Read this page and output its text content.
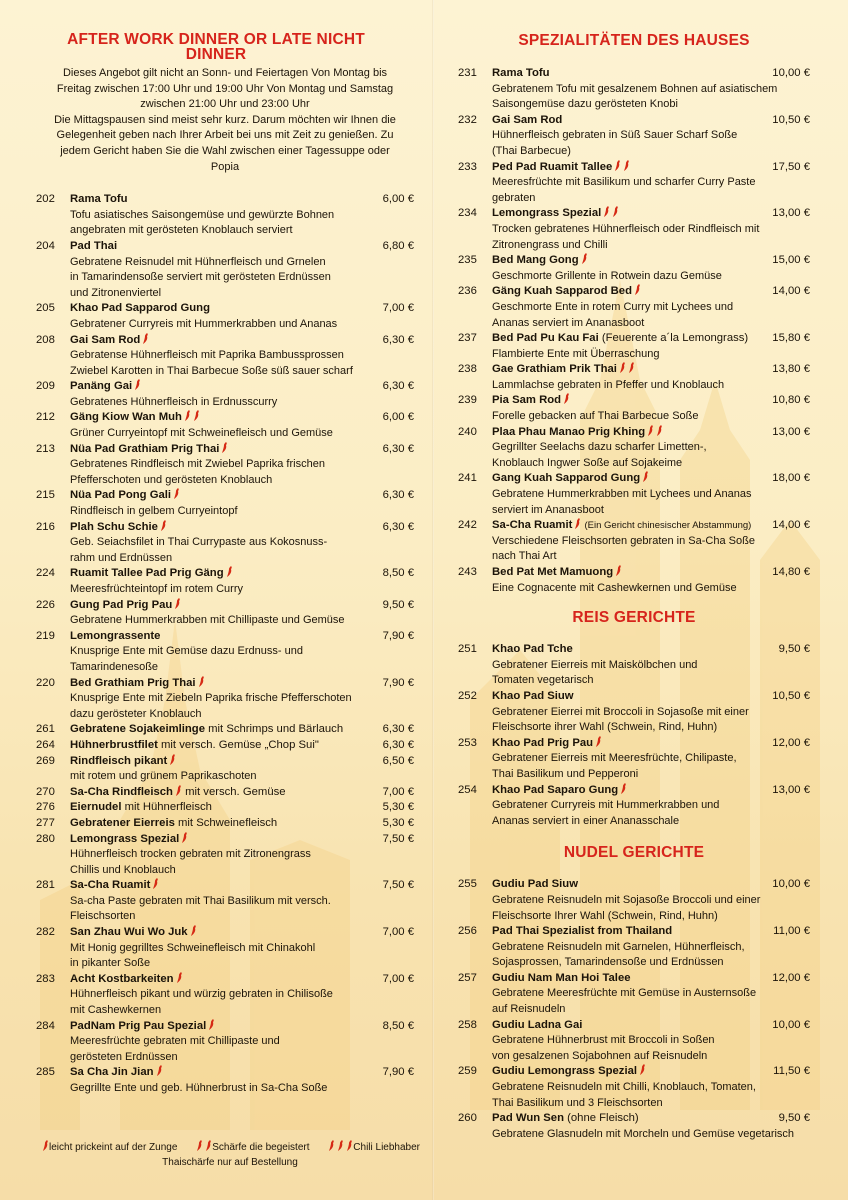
AFTER WORK DINNER OR LATE NICHT DINNER
Dieses Angebot gilt nicht an Sonn- und Feiertagen Von Montag bis
Freitag zwischen 17:00 Uhr und 19:00 Uhr Von Montag und Samstag
zwischen 21:00 Uhr und 23:00 Uhr
Die Mittagspausen sind meist sehr kurz. Darum möchten wir Ihnen die
Gelegenheit geben nach Ihrer Arbeit bei uns mit Zeit zu genießen. Zu
jedem Gericht haben Sie die Wahl zwischen einer Tagessuppe oder
Popia
202	Rama Tofu	6,00 €
Tofu asiatisches Saisongemüse und gewürzte Bohnen
angebraten mit gerösteten Knoblauch serviert
204	Pad Thai	6,80 €
Gebratene Reisnudel mit Hühnerfleisch und Grnelen
in Tamarindensoße serviert mit gerösteten Erdnüssen
und Zitronenviertel
205	Khao Pad Sapparod Gung	7,00 €
Gebratener Curryreis mit Hummerkrabben und Ananas
208	Gai Sam Rod	6,30 €
Gebratense Hühnerfleisch mit Paprika Bambussprossen
Zwiebel Karotten in Thai Barbecue Soße süß sauer scharf
209	Panäng Gai	6,30 €
Gebratenes Hühnerfleisch in Erdnusscurry
212	Gäng Kiow Wan Muh	6,00 €
Grüner Curryeintopf mit Schweinefleisch und Gemüse
213	Nüa Pad Grathiam Prig Thai	6,30 €
Gebratenes Rindfleisch mit Zwiebel Paprika frischen
Pfefferschoten und gerösteten Knoblauch
215	Nüa Pad Pong Gali	6,30 €
Rindfleisch in gelbem Curryeintopf
216	Plah Schu Schie	6,30 €
Geb. Seiachsfilet in Thai Currypaste aus Kokosnuss-
rahm und Erdnüssen
224	Ruamit Tallee Pad Prig Gäng	8,50 €
Meeresfrüchteintopf im rotem Curry
226	Gung Pad Prig Pau	9,50 €
Gebratene Hummerkrabben mit Chillipaste und Gemüse
219	Lemongrassente	7,90 €
Knusprige Ente mit Gemüse dazu Erdnuss- und
Tamarindenesoße
220	Bed Grathiam Prig Thai	7,90 €
Knusprige Ente mit Ziebeln Paprika frische Pfefferschoten
dazu gerösteter Knoblauch
261	Gebratene Sojakeimlinge mit Schrimps und Bärlauch	6,30 €
264	Hühnerbrustfilet mit versch. Gemüse „Chop Sui"	6,30 €
269	Rindfleisch pikant	6,50 €
mit rotem und grünem Paprikaschoten
270	Sa-Cha Rindfleisch mit versch. Gemüse	7,00 €
276	Eiernudel mit Hühnerfleisch	5,30 €
277	Gebratener Eierreis mit Schweinefleisch	5,30 €
280	Lemongrass Spezial	7,50 €
Hühnerfleisch trocken gebraten mit Zitronengrass
Chillis und Knoblauch
281	Sa-Cha Ruamit	7,50 €
Sa-cha Paste gebraten mit Thai Basilikum mit versch.
Fleischsorten
282	San Zhau Wui Wo Juk	7,00 €
Mit Honig gegrilltes Schweinefleisch mit Chinakohl
in pikanter Soße
283	Acht Kostbarkeiten	7,00 €
Hühnerfleisch pikant und würzig gebraten in Chilisoße
mit Cashewkernen
284	PadNam Prig Pau Spezial	8,50 €
Meeresfrüchte gebraten mit Chillipaste und
gerösteten Erdnüssen
285	Sa Cha Jin Jian	7,90 €
Gegrillte Ente und geb. Hühnerbrust in Sa-Cha Soße
SPEZIALITÄTEN DES HAUSES
231	Rama Tofu	10,00 €
Gebratenem Tofu mit gesalzenem Bohnen auf asiatischem
Saisongemüse dazu gerösteten Knobi
232	Gai Sam Rod	10,50 €
Hühnerfleisch gebraten in Süß Sauer Scharf Soße
(Thai Barbecue)
233	Ped Pad Ruamit Tallee	17,50 €
Meeresfrüchte mit Basilikum und scharfer Curry Paste
gebraten
234	Lemongrass Spezial	13,00 €
Trocken gebratenes Hühnerfleisch oder Rindfleisch mit
Zitronengrass und Chilli
235	Bed Mang Gong	15,00 €
Geschmorte Grillente in Rotwein dazu Gemüse
236	Gäng Kuah Sapparod Bed	14,00 €
Geschmorte Ente in rotem Curry mit Lychees und
Ananas serviert im Ananasboot
237	Bed Pad Pu Kau Fai (Feuerente a´la Lemongrass)	15,80 €
Flambierte Ente mit Überraschung
238	Gae Grathiam Prik Thai	13,80 €
Lammlachse gebraten in Pfeffer und Knoblauch
239	Pia Sam Rod	10,80 €
Forelle gebacken auf Thai Barbecue Soße
240	Plaa Phau Manao Prig Khing	13,00 €
Gegrillter Seelachs dazu scharfer Limetten-,
Knoblauch Ingwer Soße auf Sojakeime
241	Gang Kuah Sapparod Gung	18,00 €
Gebratene Hummerkrabben mit Lychees und Ananas
serviert im Ananasboot
242	Sa-Cha Ruamit (Ein Gericht chinesischer Abstammung)	14,00 €
Verschiedene Fleischsorten gebraten in Sa-Cha Soße
nach Thai Art
243	Bed Pat Met Mamuong	14,80 €
Eine Cognacente mit Cashewkernen und Gemüse
REIS GERICHTE
251	Khao Pad Tche	9,50 €
Gebratener Eierreis mit Maiskölbchen und
Tomaten vegetarisch
252	Khao Pad Siuw	10,50 €
Gebratener Eierrei mit Broccoli in Sojasoße mit einer
Fleischsorte ihrer Wahl (Schwein, Rind, Huhn)
253	Khao Pad Prig Pau	12,00 €
Gebratener Eierreis mit Meeresfrüchte, Chilipaste,
Thai Basilikum und Pepperoni
254	Khao Pad Saparo Gung	13,00 €
Gebratener Curryreis mit Hummerkrabben und
Ananas serviert in einer Ananasschale
NUDEL GERICHTE
255	Gudiu Pad Siuw	10,00 €
Gebratene Reisnudeln mit Sojasoße Broccoli und einer
Fleischsorte Ihrer Wahl (Schwein, Rind, Huhn)
256	Pad Thai Spezialist from Thailand	11,00 €
Gebratene Reisnudeln mit Garnelen, Hühnerfleisch,
Sojasprossen, Tamarindensoße und Erdnüssen
257	Gudiu Nam Man Hoi Talee	12,00 €
Gebratene Meeresfrüchte mit Gemüse in Austernsoße
auf Reisnudeln
258	Gudiu Ladna Gai	10,00 €
Gebratene Hühnerbrust mit Broccoli in Soßen
von gesalzenen Sojabohnen auf Reisnudeln
259	Gudiu Lemongrass Spezial	11,50 €
Gebratene Reisnudeln mit Chilli, Knoblauch, Tomaten,
Thai Basilikum und 3 Fleischsorten
260	Pad Wun Sen (ohne Fleisch)	9,50 €
Gebratene Glasnudeln mit Morcheln und Gemüse vegetarisch
leicht prickeint auf der Zunge	Schärfe die begeistert	Chili Liebhaber
Thaischärfe nur auf Bestellung
